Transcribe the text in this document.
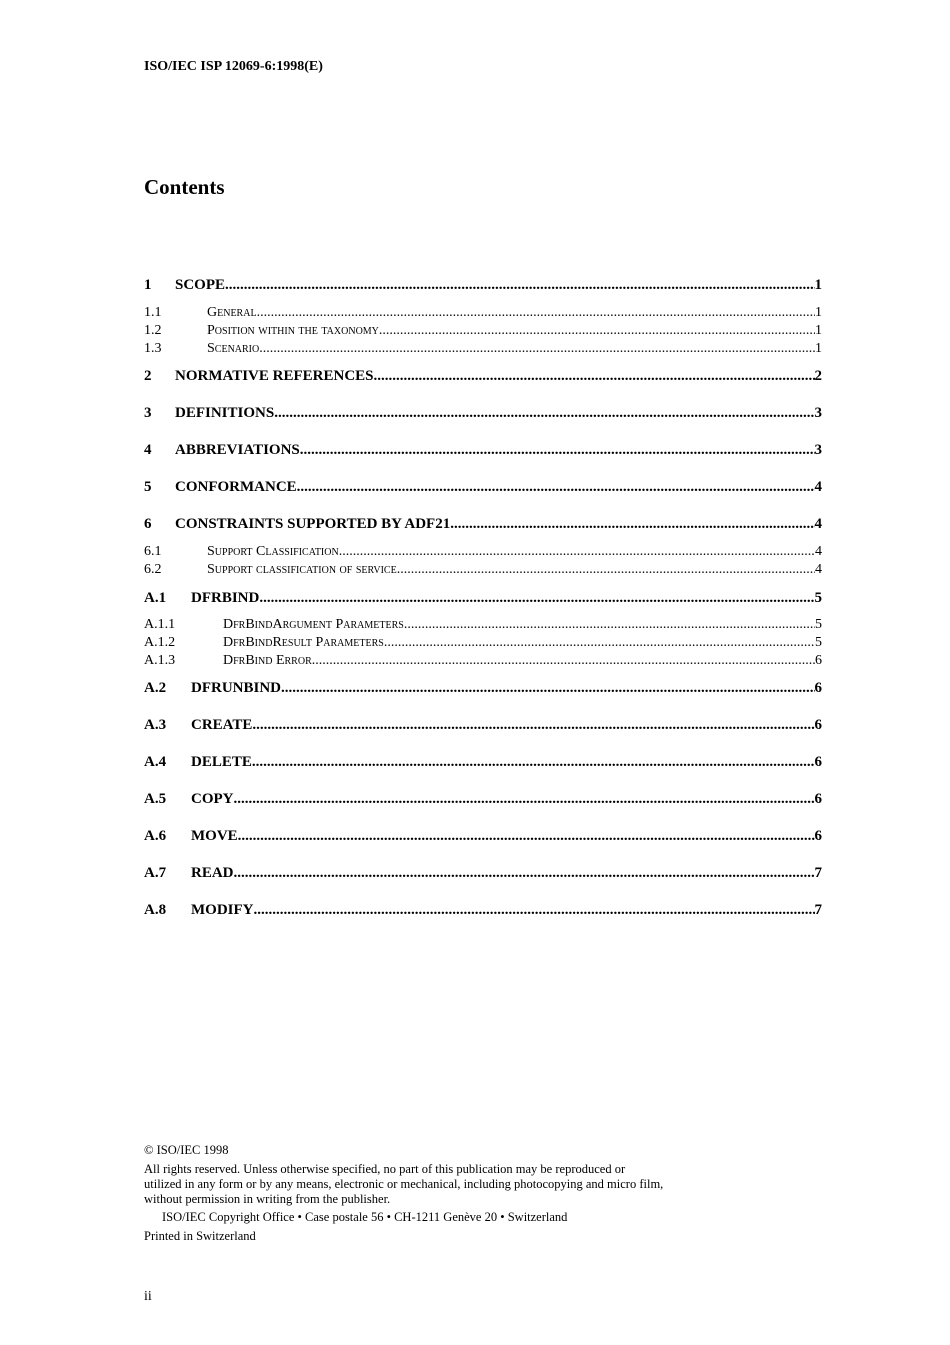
ISO/IEC ISP 12069-6:1998(E)
Contents
1	SCOPE .....	1
1.1	General .....	1
1.2	Position within the taxonomy .....	1
1.3	Scenario .....	1
2	NORMATIVE REFERENCES .....	2
3	DEFINITIONS .....	3
4	ABBREVIATIONS .....	3
5	CONFORMANCE .....	4
6	CONSTRAINTS SUPPORTED BY ADF21 .....	4
6.1	Support Classification .....	4
6.2	Support classification of service .....	4
A.1	DFRBIND .....	5
A.1.1	DfrBindArgument Parameters .....	5
A.1.2	DfrBindResult Parameters .....	5
A.1.3	DfrBind Error .....	6
A.2	DFRUNBIND .....	6
A.3	CREATE .....	6
A.4	DELETE .....	6
A.5	COPY .....	6
A.6	MOVE .....	6
A.7	READ .....	7
A.8	MODIFY .....	7
© ISO/IEC 1998
All rights reserved. Unless otherwise specified, no part of this publication may be reproduced or utilized in any form or by any means, electronic or mechanical, including photocopying and micro film, without permission in writing from the publisher.
ISO/IEC Copyright Office • Case postale 56 • CH-1211 Genève 20 • Switzerland
Printed in Switzerland
ii
